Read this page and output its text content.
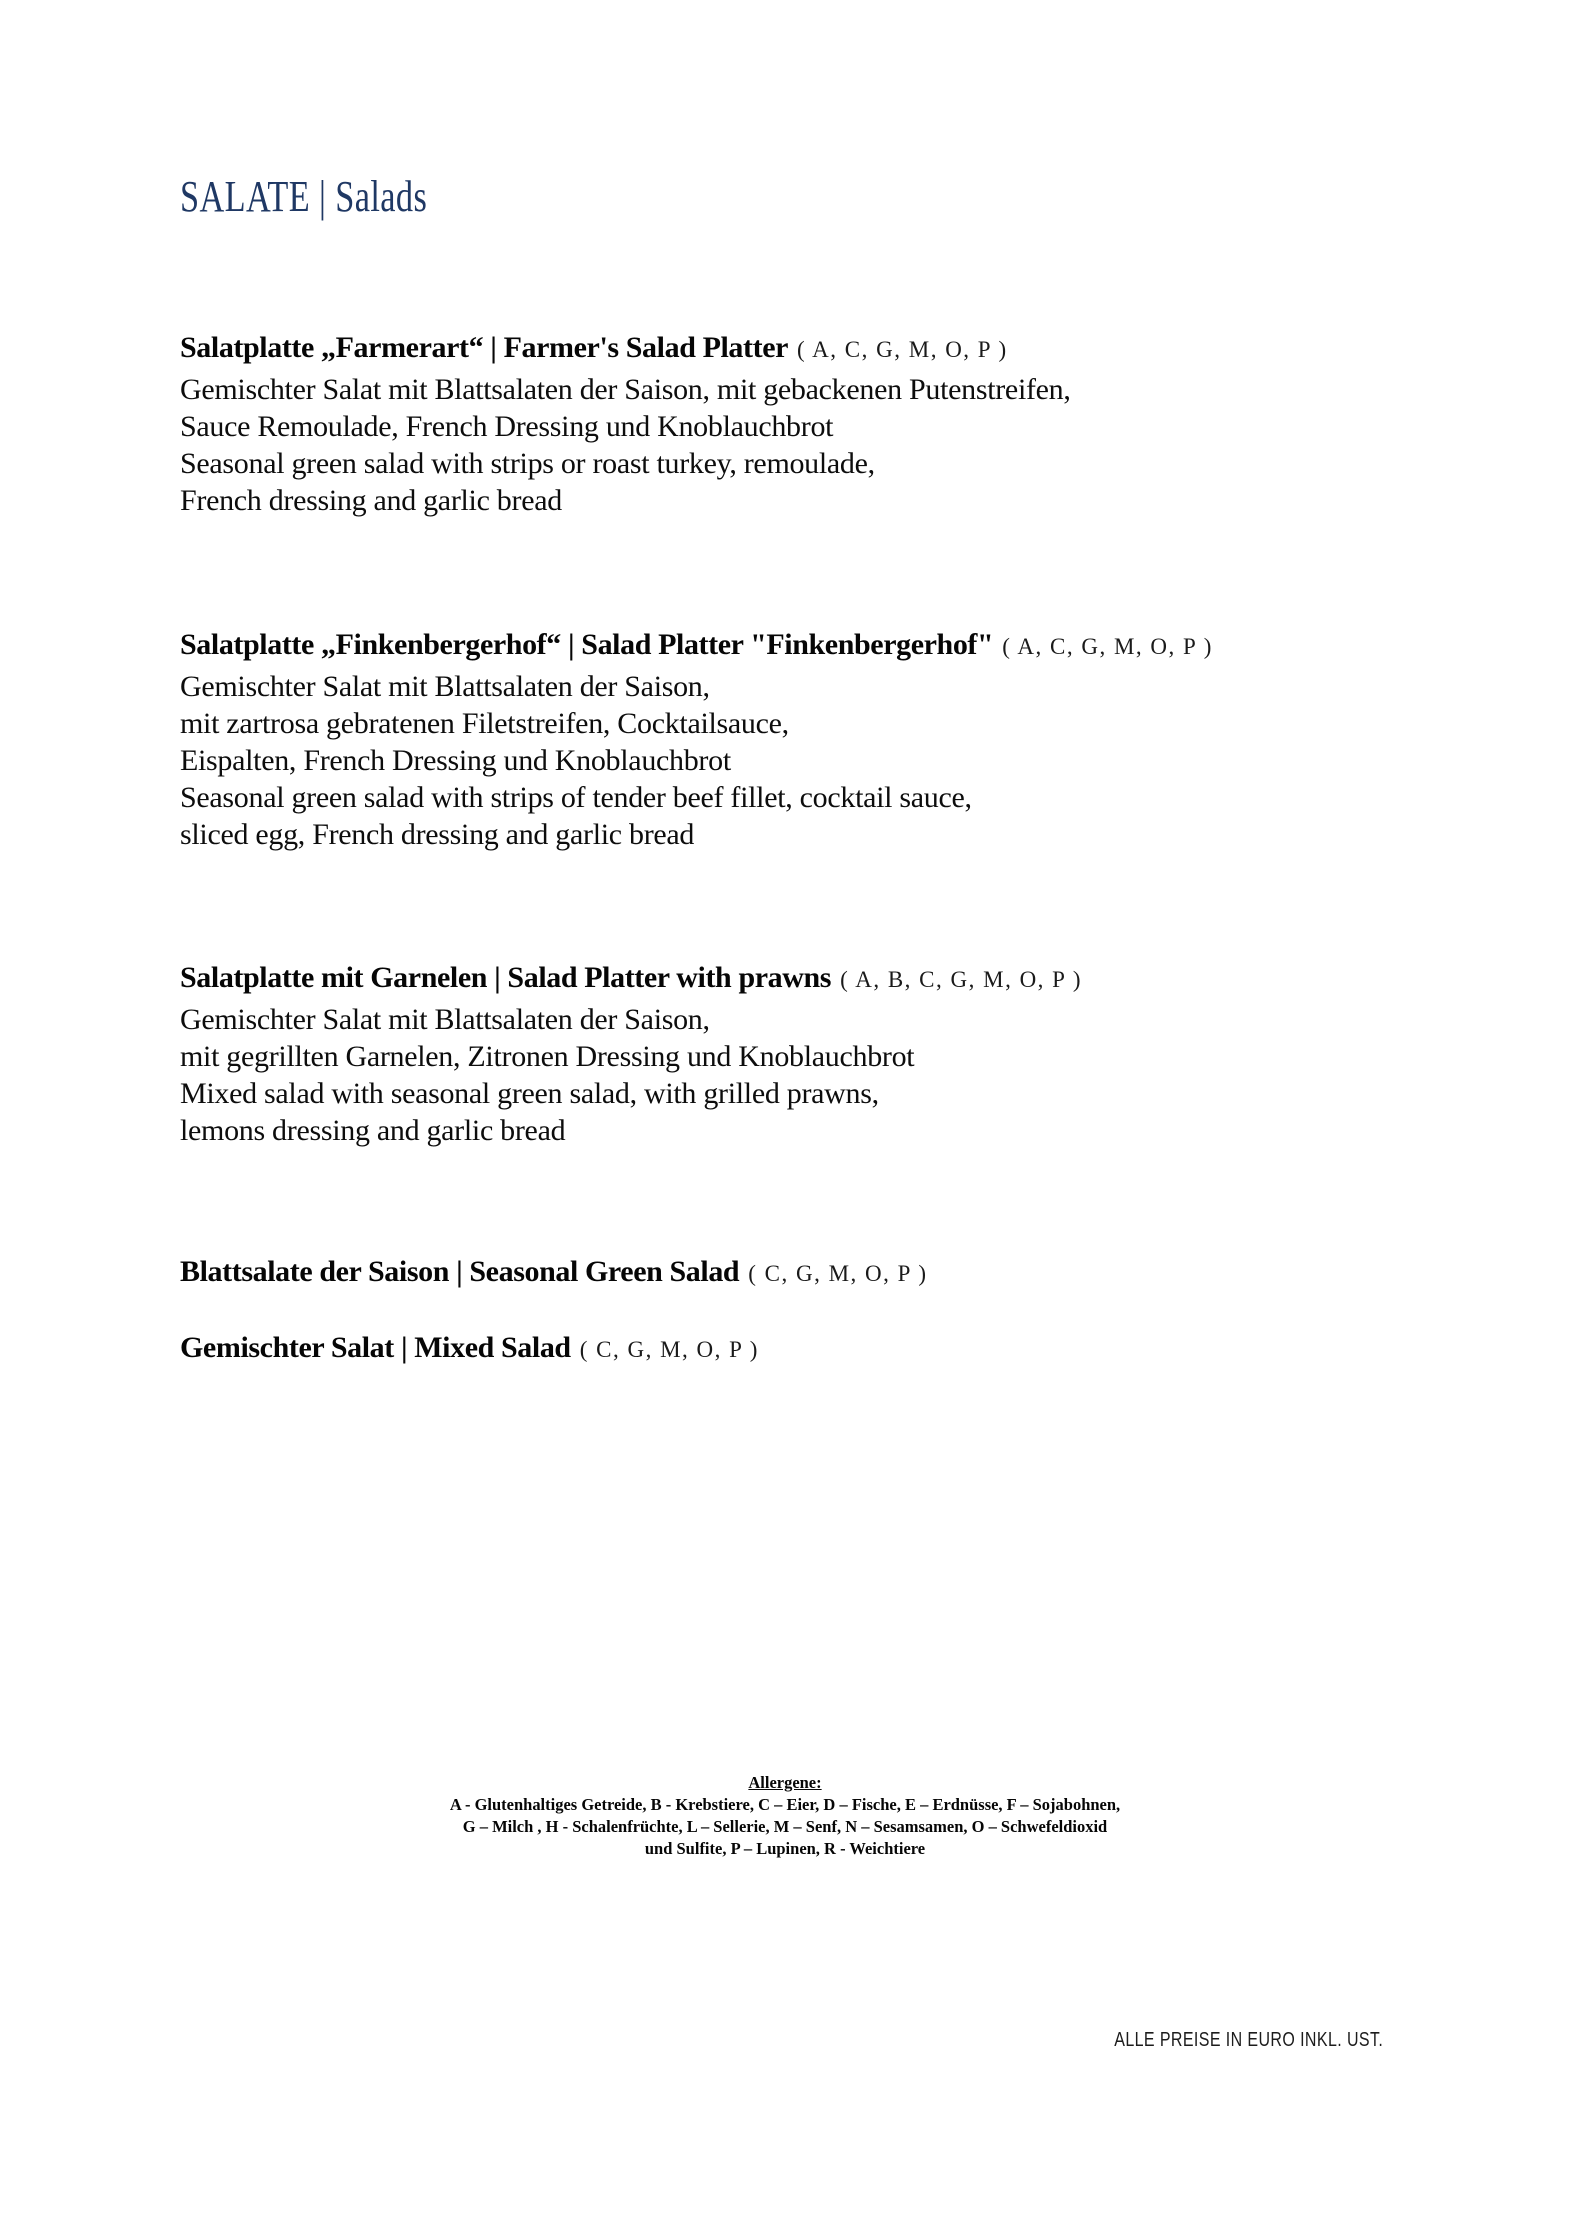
SALATE | Salads
Salatplatte „Farmerart“ | Farmer's Salad Platter ( A, C, G, M, O, P )
Gemischter Salat mit Blattsalaten der Saison, mit gebackenen Putenstreifen,
Sauce Remoulade, French Dressing und Knoblauchbrot
Seasonal green salad with strips or roast turkey, remoulade,
French dressing and garlic bread
Salatplatte „Finkenbergerhof“ | Salad Platter "Finkenbergerhof" ( A, C, G, M, O, P )
Gemischter Salat mit Blattsalaten der Saison,
mit zartrosa gebratenen Filetstreifen, Cocktailsauce,
Eispalten, French Dressing und Knoblauchbrot
Seasonal green salad with strips of tender beef fillet, cocktail sauce,
sliced egg, French dressing and garlic bread
Salatplatte mit Garnelen | Salad Platter with prawns ( A, B, C, G, M, O, P )
Gemischter Salat mit Blattsalaten der Saison,
mit gegrillten Garnelen, Zitronen Dressing und Knoblauchbrot
Mixed salad with seasonal green salad, with grilled prawns,
lemons dressing and garlic bread
Blattsalate der Saison | Seasonal Green Salad ( C, G, M, O, P )
Gemischter Salat | Mixed Salad ( C, G, M, O, P )
Allergene:
A - Glutenhaltiges Getreide, B - Krebstiere, C – Eier, D – Fische, E – Erdnüsse, F – Sojabohnen,
G – Milch , H - Schalenfrüchte, L – Sellerie, M – Senf, N – Sesamsamen, O – Schwefeldioxid
und Sulfite, P – Lupinen, R - Weichtiere
ALLE PREISE IN EURO INKL. UST.
